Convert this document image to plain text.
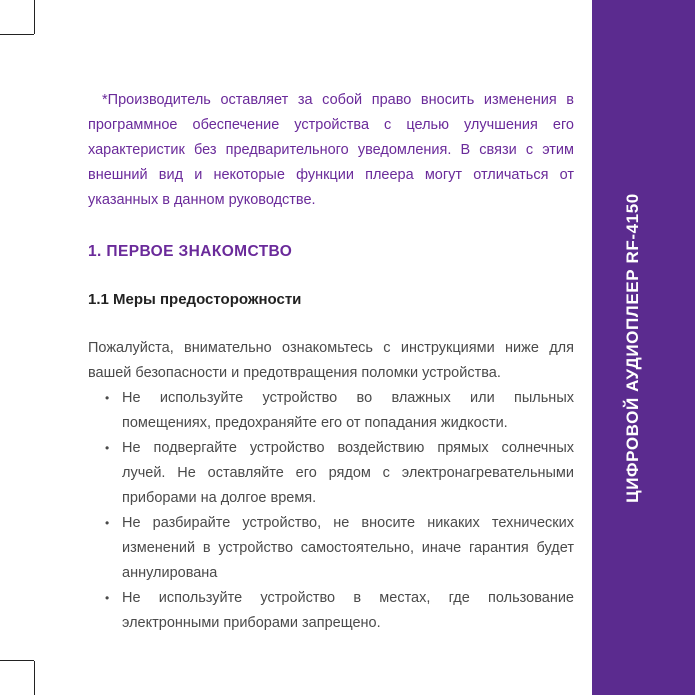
ЦИФРОВОЙ АУДИОПЛЕЕР RF-4150

*Производитель оставляет за собой право вносить изменения в программное обеспечение устройства с целью улучшения его характеристик без предварительного уведомления. В связи с этим внешний вид и некоторые функции плеера могут отличаться от указанных в данном руководстве.

1. ПЕРВОЕ ЗНАКОМСТВО
1.1 Меры предосторожности

Пожалуйста, внимательно ознакомьтесь с инструкциями ниже для вашей безопасности и предотвращения поломки устройства.

• Не используйте устройство во влажных или пыльных помещениях, предохраняйте его от попадания жидкости.
• Не подвергайте устройство воздействию прямых солнечных лучей. Не оставляйте его рядом с электронагревательными приборами на долгое время.
• Не разбирайте устройство, не вносите никаких технических изменений в устройство самостоятельно, иначе гарантия будет аннулирована
• Не используйте устройство в местах, где пользование электронными приборами запрещено.
